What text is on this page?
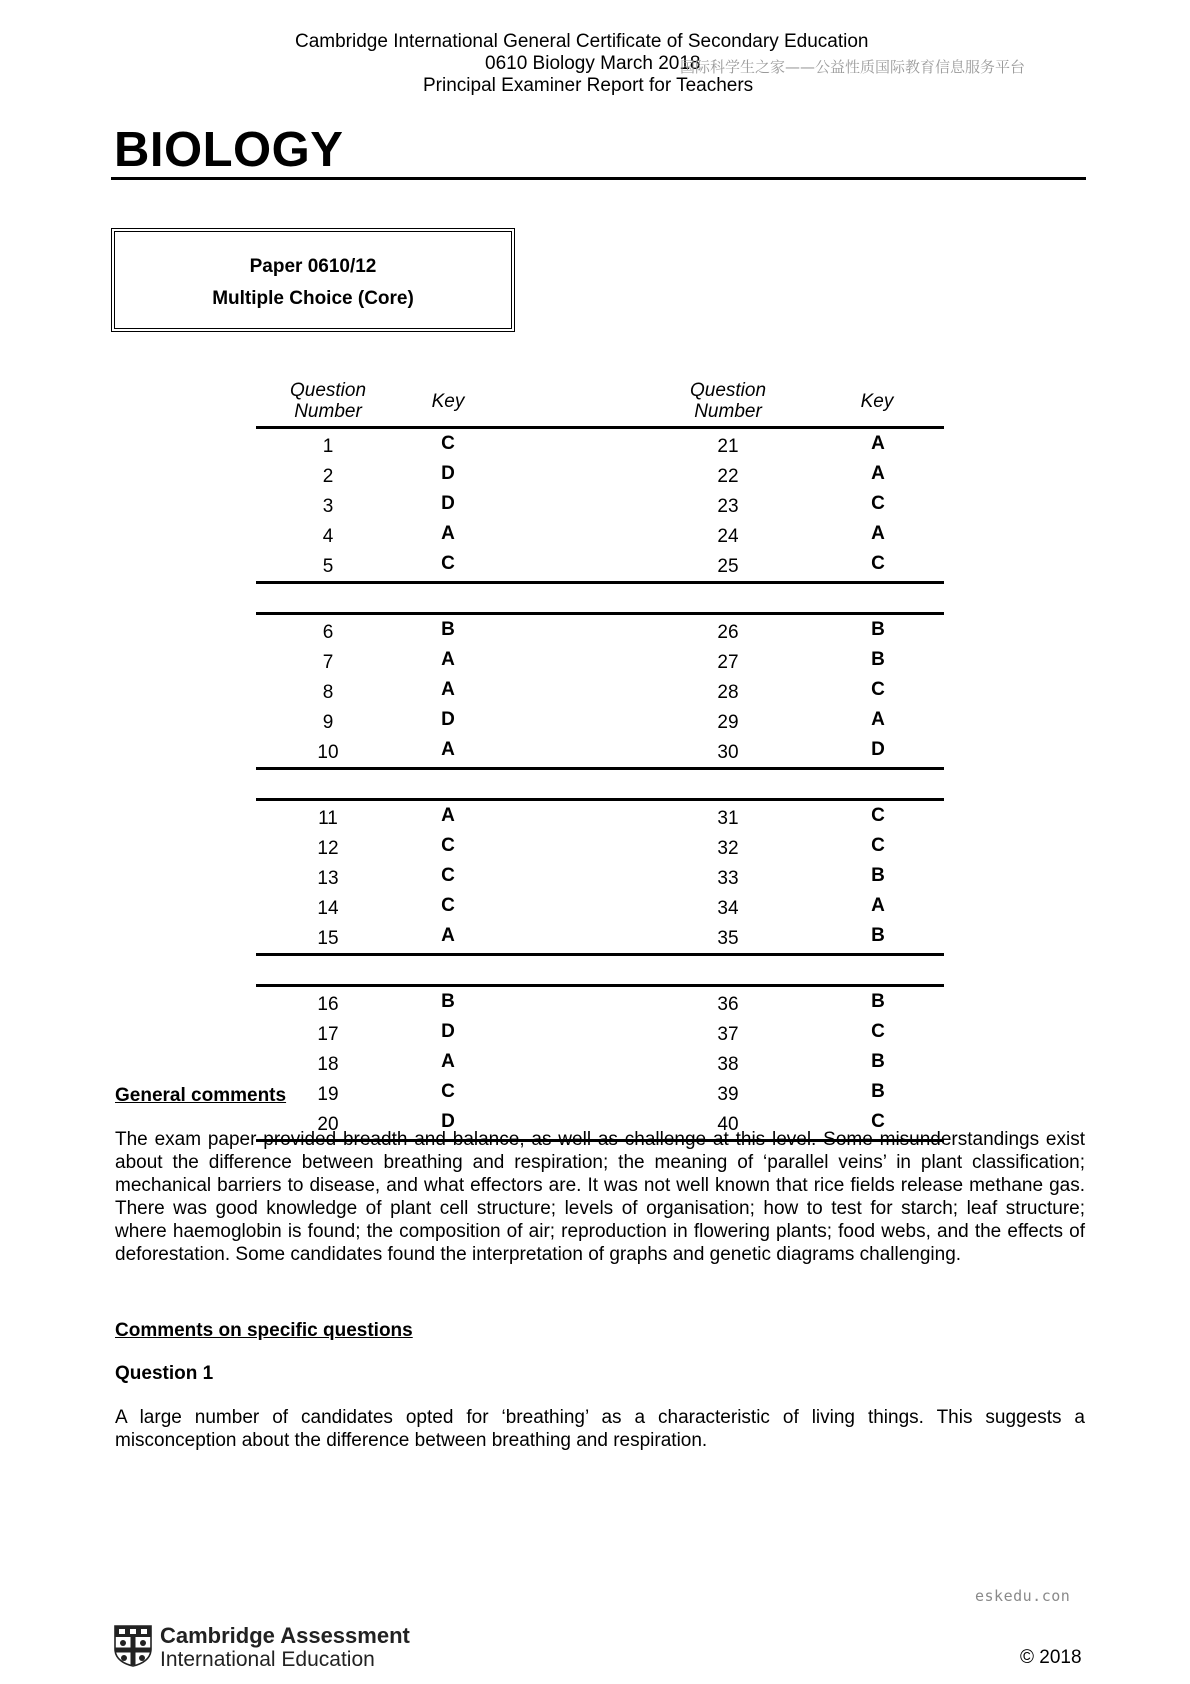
Cambridge International General Certificate of Secondary Education
0610 Biology March 2018
国际科学生之家——公益性质国际教育信息服务平台
Principal Examiner Report for Teachers
BIOLOGY
Paper 0610/12
Multiple Choice (Core)
Question
Number	Key
Question
Number	Key
1	C	21	A
2	D	22	A
3	D	23	C
4	A	24	A
5	C	25	C
6	B	26	B
7	A	27	B
8	A	28	C
9	D	29	A
10	A	30	D
11	A	31	C
12	C	32	C
13	C	33	B
14	C	34	A
15	A	35	B
16	B	36	B
17	D	37	C
18	A	38	B
19	C	39	B
20	D	40	C
General comments
The exam paper provided breadth and balance, as well as challenge at this level. Some misunderstandings exist about the difference between breathing and respiration; the meaning of ‘parallel veins’ in plant classification; mechanical barriers to disease, and what effectors are. It was not well known that rice fields release methane gas. There was good knowledge of plant cell structure; levels of organisation; how to test for starch; leaf structure; where haemoglobin is found; the composition of air; reproduction in flowering plants; food webs, and the effects of deforestation. Some candidates found the interpretation of graphs and genetic diagrams challenging.
Comments on specific questions
Question 1
A large number of candidates opted for ‘breathing’ as a characteristic of living things. This suggests a misconception about the difference between breathing and respiration.
eskedu.con
Cambridge Assessment
International Education	© 2018
